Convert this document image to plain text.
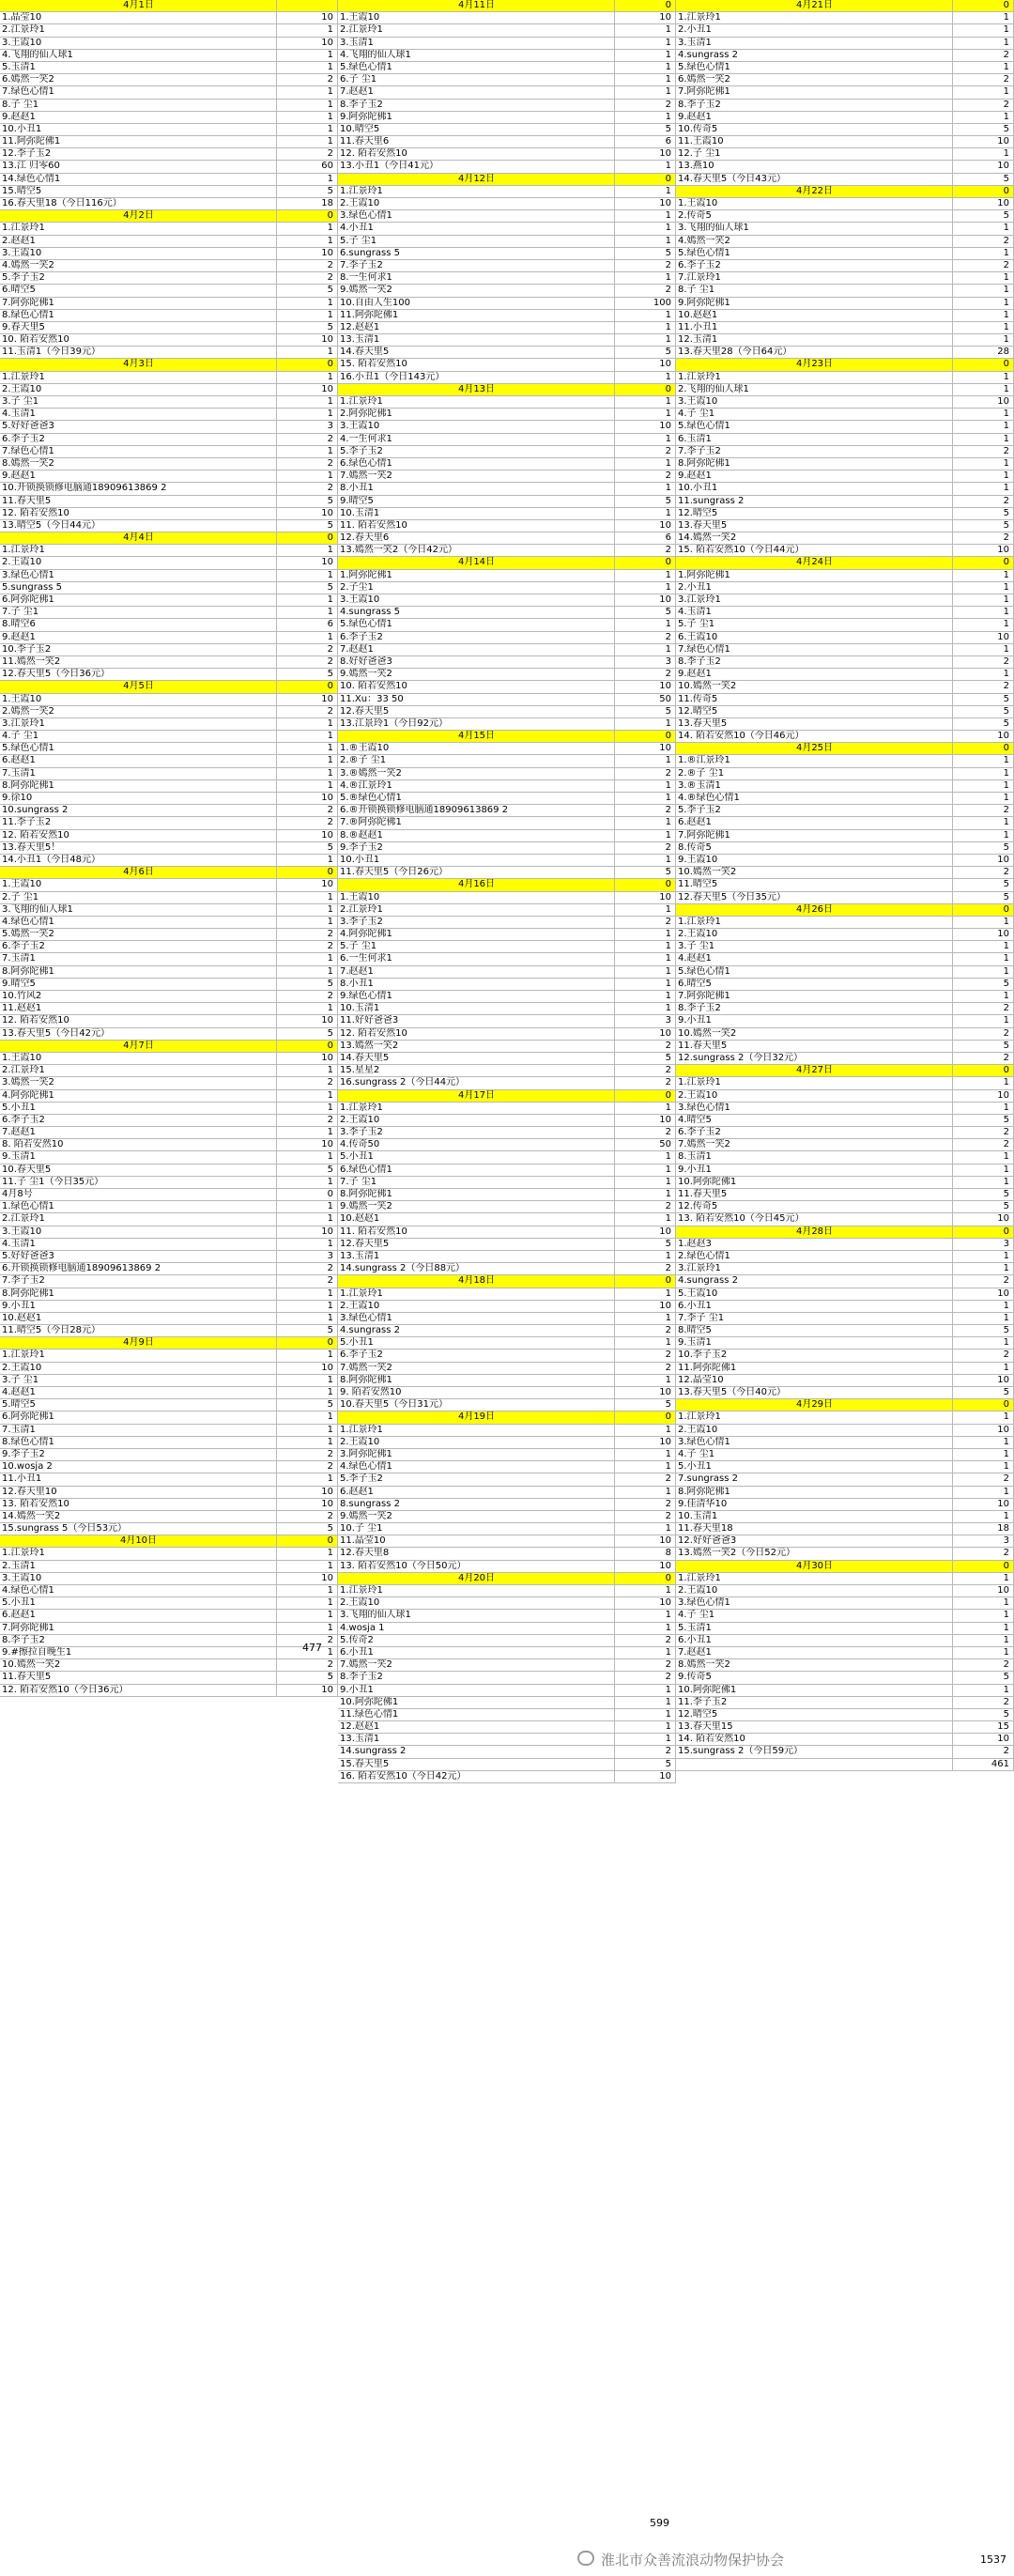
4月1日
1.晶莹10	10
2.江景玲1	1
3.王霞10	10
4.飞翔的仙人球1	1
5.玉清1	1
6.嫣然一笑2	2
7.绿色心情1	1
8.子 尘1	1
9.赵赵1	1
10.小丑1	1
11.阿弥陀佛1	1
12.李子玉2	2
13.江 归零60	60
14.绿色心情1	1
15.晴空5	5
16.春天里18（今日116元）	18
4月2日	0
1.江景玲1	1
2.赵赵1	1
3.王霞10	10
4.嫣然一笑2	2
5.李子玉2	2
6.晴空5	5
7.阿弥陀佛1	1
8.绿色心情1	1
9.春天里5	5
10. 陌若安然10	10
11.玉清1（今日39元）	1
4月3日	0
1.江景玲1	1
2.王霞10	10
3.子 尘1	1
4.玉清1	1
5.好好爸爸3	3
6.李子玉2	2
7.绿色心情1	1
8.嫣然一笑2	2
9.赵赵1	1
10.开锁换锁修电脑通18909613869 2	2
11.春天里5	5
12. 陌若安然10	10
13.晴空5（今日44元）	5
4月4日	0
1.江景玲1	1
2.王霞10	10
3.绿色心情1	1
5.sungrass 5	5
6.阿弥陀佛1	1
7.子 尘1	1
8.晴空6	6
9.赵赵1	1
10.李子玉2	2
11.嫣然一笑2	2
12.春天里5（今日36元）	5
4月5日	0
1.王霞10	10
2.嫣然一笑2	2
3.江景玲1	1
4.子 尘1	1
5.绿色心情1	1
6.赵赵1	1
7.玉清1	1
8.阿弥陀佛1	1
9.徐10	10
10.sungrass 2	2
11.李子玉2	2
12. 陌若安然10	10
13.春天里5！	5
14.小丑1（今日48元）	1
4月6日	0
1.王霞10	10
2.子 尘1	1
3.飞翔的仙人球1	1
4.绿色心情1	1
5.嫣然一笑2	2
6.李子玉2	2
7.玉清1	1
8.阿弥陀佛1	1
9.晴空5	5
10.竹风2	2
11.赵赵1	1
12. 陌若安然10	10
13.春天里5（今日42元）	5
4月7日	0
1.王霞10	10
2.江景玲1	1
3.嫣然一笑2	2
4.阿弥陀佛1	1
5.小丑1	1
6.李子玉2	2
7.赵赵1	1
8. 陌若安然10	10
9.玉清1	1
10.春天里5	5
11.子 尘1（今日35元）	1
4月8号	0
1.绿色心情1	1
2.江景玲1	1
3.王霞10	10
4.玉清1	1
5.好好爸爸3	3
6.开锁换锁修电脑通18909613869 2	2
7.李子玉2	2
8.阿弥陀佛1	1
9.小丑1	1
10.赵赵1	1
11.晴空5（今日28元）	5
4月9日	0
1.江景玲1	1
2.王霞10	10
3.子 尘1	1
4.赵赵1	1
5.晴空5	5
6.阿弥陀佛1	1
7.玉清1	1
8.绿色心情1	1
9.李子玉2	2
10.wosja 2	2
11.小丑1	1
12.春天里10	10
13. 陌若安然10	10
14.嫣然一笑2	2
15.sungrass 5（今日53元）	5
4月10日	0
1.江景玲1	1
2.玉清1	1
3.王霞10	10
4.绿色心情1	1
5.小丑1	1
6.赵赵1	1
7.阿弥陀佛1	1
8.李子玉2	2
9.#擦拉自晚生1	1
10.嫣然一笑2	2
11.春天里5	5
12. 陌若安然10（今日36元）	10
4月11日	0
1.王霞10	10
2.江景玲1	1
3.玉清1	1
4.飞翔的仙人球1	1
5.绿色心情1	1
6.子 尘1	1
7.赵赵1	1
8.李子玉2	2
9.阿弥陀佛1	1
10.晴空5	5
11.春天里6	6
12. 陌若安然10	10
13.小丑1（今日41元）	1
4月12日	0
1.江景玲1	1
2.王霞10	10
3.绿色心情1	1
4.小丑1	1
5.子 尘1	1
6.sungrass 5	5
7.李子玉2	2
8.一生何求1	1
9.嫣然一笑2	2
10.自由人生100	100
11.阿弥陀佛1	1
12.赵赵1	1
13.玉清1	1
14.春天里5	5
15. 陌若安然10	10
16.小丑1（今日143元）	1
4月13日	0
1.江景玲1	1
2.阿弥陀佛1	1
3.王霞10	10
4.一生何求1	1
5.李子玉2	2
6.绿色心情1	1
7.嫣然一笑2	2
8.小丑1	1
9.晴空5	5
10.玉清1	1
11. 陌若安然10	10
12.春天里6	6
13.嫣然一笑2（今日42元）	2
4月14日	0
1.阿弥陀佛1	1
2.子尘1	1
3.王霞10	10
4.sungrass 5	5
5.绿色心情1	1
6.李子玉2	2
7.赵赵1	1
8.好好爸爸3	3
9.嫣然一笑2	2
10. 陌若安然10	10
11.Xu：33 50	50
12.春天里5	5
13.江景玲1（今日92元）	1
4月15日	0
1.®王霞10	10
2.®子 尘1	1
3.®嫣然一笑2	2
4.®江景玲1	1
5.®绿色心情1	1
6.®开锁换锁修电脑通18909613869 2	2
7.®阿弥陀佛1	1
8.®赵赵1	1
9.李子玉2	2
10.小丑1	1
11.春天里5（今日26元）	5
4月16日	0
1.王霞10	10
2.江景玲1	1
3.李子玉2	2
4.阿弥陀佛1	1
5.子 尘1	1
6.一生何求1	1
7.赵赵1	1
8.小丑1	1
9.绿色心情1	1
10.玉清1	1
11.好好爸爸3	3
12. 陌若安然10	10
13.嫣然一笑2	2
14.春天里5	5
15.星星2	2
16.sungrass 2（今日44元）	2
4月17日	0
1.江景玲1	1
2.王霞10	10
3.李子玉2	2
4.传奇50	50
5.小丑1	1
6.绿色心情1	1
7.子 尘1	1
8.阿弥陀佛1	1
9.嫣然一笑2	2
10.赵赵1	1
11. 陌若安然10	10
12.春天里5	5
13.玉清1	1
14.sungrass 2（今日88元）	2
4月18日	0
1.江景玲1	1
2.王霞10	10
3.绿色心情1	1
4.sungrass 2	2
5.小丑1	1
6.李子玉2	2
7.嫣然一笑2	2
8.阿弥陀佛1	1
9. 陌若安然10	10
10.春天里5（今日31元）	5
4月19日	0
1.江景玲1	1
2.王霞10	10
3.阿弥陀佛1	1
4.绿色心情1	1
5.李子玉2	2
6.赵赵1	1
8.sungrass 2	2
9.嫣然一笑2	2
10.子 尘1	1
11.晶莹10	10
12.春天里8	8
13. 陌若安然10（今日50元）	10
4月20日	0
1.江景玲1	1
2.王霞10	10
3.飞翔的仙人球1	1
4.wosja 1	1
5.传奇2	2
6.小丑1	1
7.嫣然一笑2	2
8.李子玉2	2
9.小丑1	1
10.阿弥陀佛1	1
11.绿色心情1	1
12.赵赵1	1
13.玉清1	1
14.sungrass 2	2
15.春天里5	5
16. 陌若安然10（今日42元）	10
4月21日	0
1.江景玲1	1
2.小丑1	1
3.玉清1	1
4.sungrass 2	2
5.绿色心情1	1
6.嫣然一笑2	2
7.阿弥陀佛1	1
8.李子玉2	2
9.赵赵1	1
10.传奇5	5
11.王霞10	10
12.子 尘1	1
13.燕10	10
14.春天里5（今日43元）	5
4月22日	0
1.王霞10	10
2.传奇5	5
3.飞翔的仙人球1	1
4.嫣然一笑2	2
5.绿色心情1	1
6.李子玉2	2
7.江景玲1	1
8.子 尘1	1
9.阿弥陀佛1	1
10.赵赵1	1
11.小丑1	1
12.玉清1	1
13.春天里28（今日64元）	28
4月23日	0
1.江景玲1	1
2.飞翔的仙人球1	1
3.王霞10	10
4.子 尘1	1
5.绿色心情1	1
6.玉清1	1
7.李子玉2	2
8.阿弥陀佛1	1
9.赵赵1	1
10.小丑1	1
11.sungrass 2	2
12.晴空5	5
13.春天里5	5
14.嫣然一笑2	2
15. 陌若安然10（今日44元）	10
4月24日	0
1.阿弥陀佛1	1
2.小丑1	1
3.江景玲1	1
4.玉清1	1
5.子 尘1	1
6.王霞10	10
7.绿色心情1	1
8.李子玉2	2
9.赵赵1	1
10.嫣然一笑2	2
11.传奇5	5
12.晴空5	5
13.春天里5	5
14. 陌若安然10（今日46元）	10
4月25日	0
1.®江景玲1	1
2.®子 尘1	1
3.®玉清1	1
4.®绿色心情1	1
5.李子玉2	2
6.赵赵1	1
7.阿弥陀佛1	1
8.传奇5	5
9.王霞10	10
10.嫣然一笑2	2
11.晴空5	5
12.春天里5（今日35元）	5
4月26日	0
1.江景玲1	1
2.王霞10	10
3.子 尘1	1
4.赵赵1	1
5.绿色心情1	1
6.晴空5	5
7.阿弥陀佛1	1
8.李子玉2	2
9.小丑1	1
10.嫣然一笑2	2
11.春天里5	5
12.sungrass 2（今日32元）	2
4月27日	0
1.江景玲1	1
2.王霞10	10
3.绿色心情1	1
4.晴空5	5
6.李子玉2	2
7.嫣然一笑2	2
8.玉清1	1
9.小丑1	1
10.阿弥陀佛1	1
11.春天里5	5
12.传奇5	5
13. 陌若安然10（今日45元）	10
4月28日	0
1.赵赵3	3
2.绿色心情1	1
3.江景玲1	1
4.sungrass 2	2
5.王霞10	10
6.小丑1	1
7.李子 尘1	1
8.晴空5	5
9.玉清1	1
10.李子玉2	2
11.阿弥陀佛1	1
12.晶莹10	10
13.春天里5（今日40元）	5
4月29日	0
1.江景玲1	1
2.王霞10	10
3.绿色心情1	1
4.子 尘1	1
5.小丑1	1
7.sungrass 2	2
8.阿弥陀佛1	1
9.佳清华10	10
10.玉清1	1
11.春天里18	18
12.好好爸爸3	3
13.嫣然一笑2（今日52元）	2
4月30日	0
1.江景玲1	1
2.王霞10	10
3.绿色心情1	1
4.子 尘1	1
5.玉清1	1
6.小丑1	1
7.赵赵1	1
8.嫣然一笑2	2
9.传奇5	5
10.阿弥陀佛1	1
11.李子玉2	2
12.晴空5	5
13.春天里15	15
14. 陌若安然10	10
15.sungrass 2（今日59元）	2
461
477
599
淮北市众善流浪动物保护协会	1537
